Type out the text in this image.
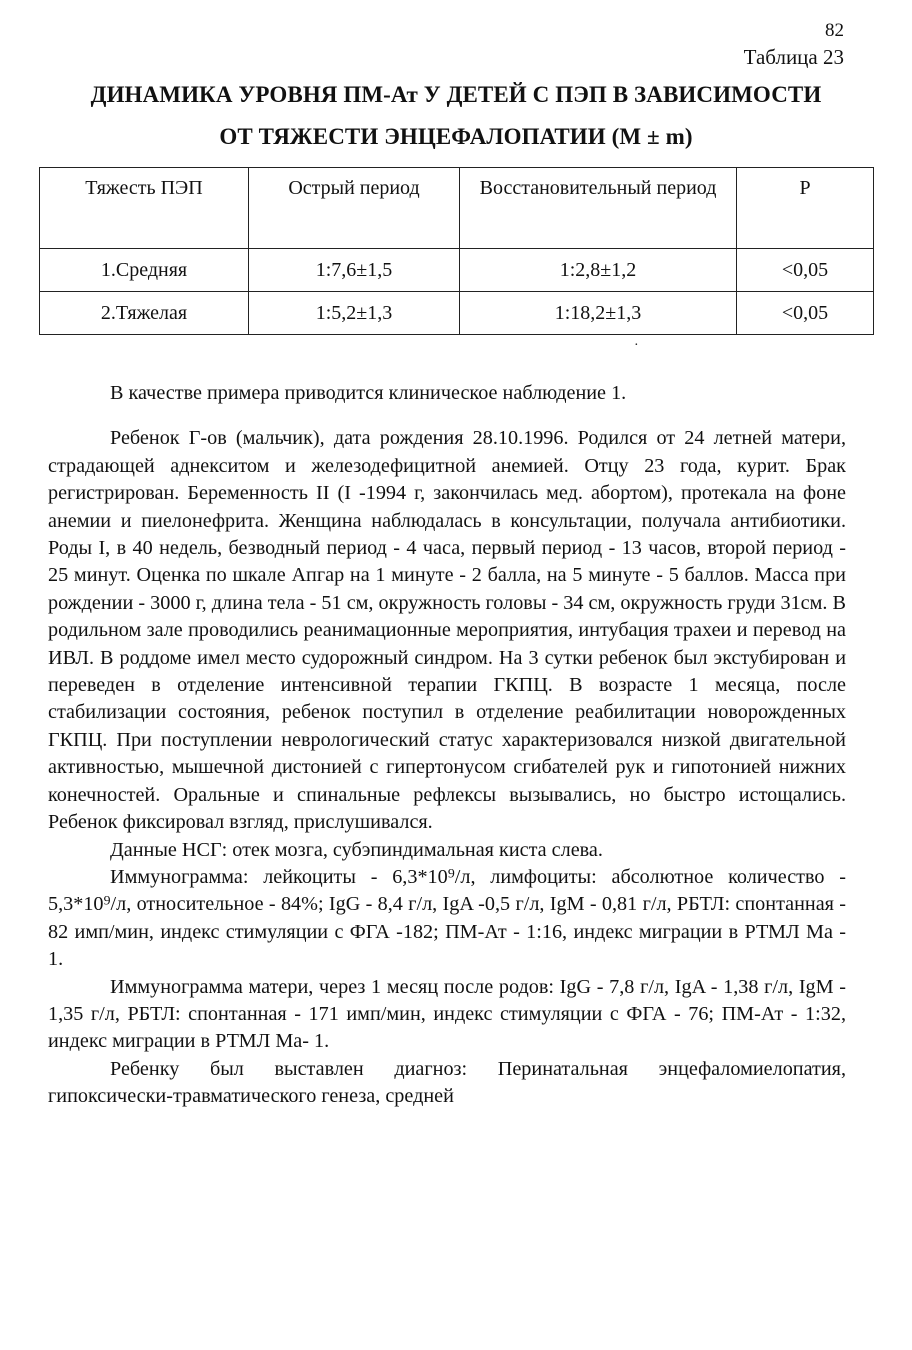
82
Таблица 23
ДИНАМИКА УРОВНЯ ПМ-Ат У ДЕТЕЙ С ПЭП В ЗАВИСИМОСТИ
ОТ ТЯЖЕСТИ ЭНЦЕФАЛОПАТИИ (М ± m)
Тяжесть ПЭП	Острый период	Восстановительный период	Р
1.Средняя	1:7,6±1,5	1:2,8±1,2	<0,05
2.Тяжелая	1:5,2±1,3	1:18,2±1,3	<0,05
·

В качестве примера приводится клиническое наблюдение 1.

Ребенок Г-ов (мальчик), дата рождения 28.10.1996. Родился от 24 летней матери, страдающей аднекситом и железодефицитной анемией. Отцу 23 года, курит. Брак регистрирован. Беременность II (I -1994 г, закончилась мед. абортом), протекала на фоне анемии и пиелонефрита. Женщина наблюдалась в консультации, получала антибиотики. Роды I, в 40 недель, безводный период - 4 часа, первый период - 13 часов, второй период - 25 минут. Оценка по шкале Апгар на 1 минуте - 2 балла, на 5 минуте - 5 баллов. Масса при рождении - 3000 г, длина тела - 51 см, окружность головы - 34 см, окружность груди 31см. В родильном зале проводились реанимационные мероприятия, интубация трахеи и перевод на ИВЛ. В роддоме имел место судорожный синдром. На 3 сутки ребенок был экстубирован и переведен в отделение интенсивной терапии ГКПЦ. В возрасте 1 месяца, после стабилизации состояния, ребенок поступил в отделение реабилитации новорожденных ГКПЦ. При поступлении неврологический статус характеризовался низкой двигательной активностью, мышечной дистонией с гипертонусом сгибателей рук и гипотонией нижних конечностей. Оральные и спинальные рефлексы вызывались, но быстро истощались. Ребенок фиксировал взгляд, прислушивался.

Данные НСГ: отек мозга, субэпиндимальная киста слева.

Иммунограмма: лейкоциты - 6,3*10⁹/л, лимфоциты: абсолютное количество - 5,3*10⁹/л, относительное - 84%; IgG - 8,4 г/л, IgA -0,5 г/л, IgM - 0,81 г/л, РБТЛ: спонтанная - 82 имп/мин, индекс стимуляции с ФГА -182; ПМ-Ат - 1:16, индекс миграции в РТМЛ Ма - 1.

Иммунограмма матери, через 1 месяц после родов: IgG - 7,8 г/л, IgA - 1,38 г/л, IgM - 1,35 г/л, РБТЛ: спонтанная - 171 имп/мин, индекс стимуляции с ФГА - 76; ПМ-Ат - 1:32, индекс миграции в РТМЛ Ма- 1.

Ребенку был выставлен диагноз: Перинатальная энцефаломиелопатия, гипоксически-травматического генеза, средней
